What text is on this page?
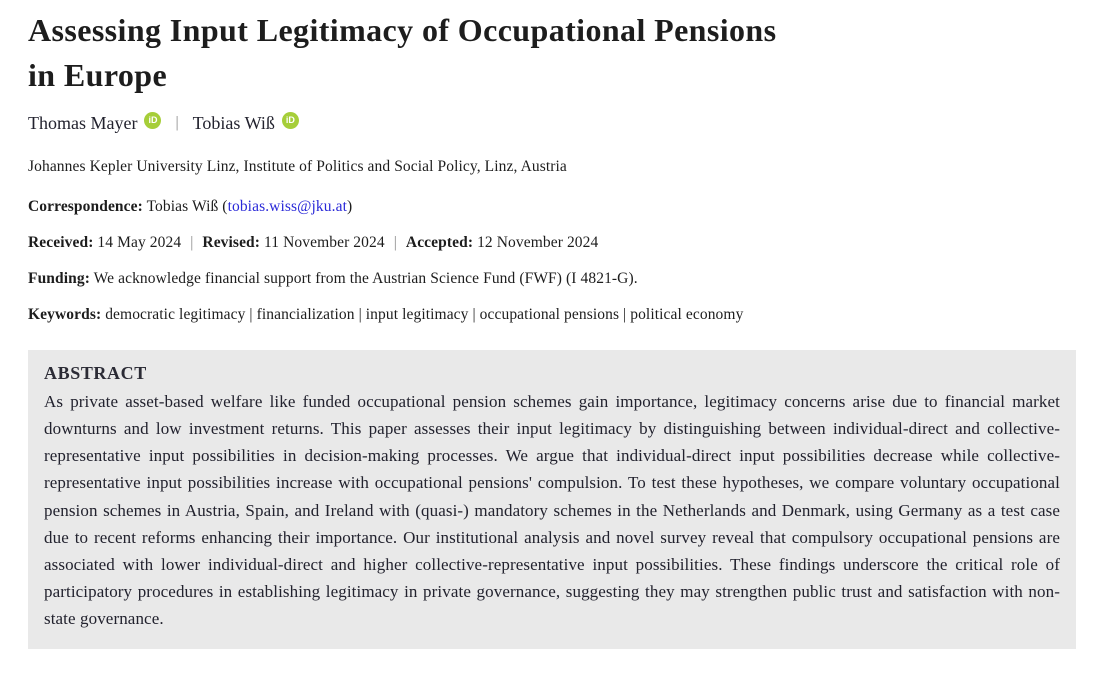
Assessing Input Legitimacy of Occupational Pensions
in Europe
Thomas Mayer	iD | Tobias Wiß	iD
Johannes Kepler University Linz, Institute of Politics and Social Policy, Linz, Austria
Correspondence: Tobias Wiß (tobias.wiss@jku.at)
Received: 14 May 2024 | Revised: 11 November 2024 | Accepted: 12 November 2024
Funding: We acknowledge financial support from the Austrian Science Fund (FWF) (I 4821-G).
Keywords: democratic legitimacy | financialization | input legitimacy | occupational pensions | political economy
ABSTRACT
As private asset-based welfare like funded occupational pension schemes gain importance, legitimacy concerns arise due to financial market downturns and low investment returns. This paper assesses their input legitimacy by distinguishing between individual-direct and collective-representative input possibilities in decision-making processes. We argue that individual-direct input possibilities decrease while collective-representative input possibilities increase with occupational pensions' compulsion. To test these hypotheses, we compare voluntary occupational pension schemes in Austria, Spain, and Ireland with (quasi-) mandatory schemes in the Netherlands and Denmark, using Germany as a test case due to recent reforms enhancing their importance. Our institutional analysis and novel survey reveal that compulsory occupational pensions are associated with lower individual-direct and higher collective-representative input possibilities. These findings underscore the critical role of participatory procedures in establishing legitimacy in private governance, suggesting they may strengthen public trust and satisfaction with non-state governance.
